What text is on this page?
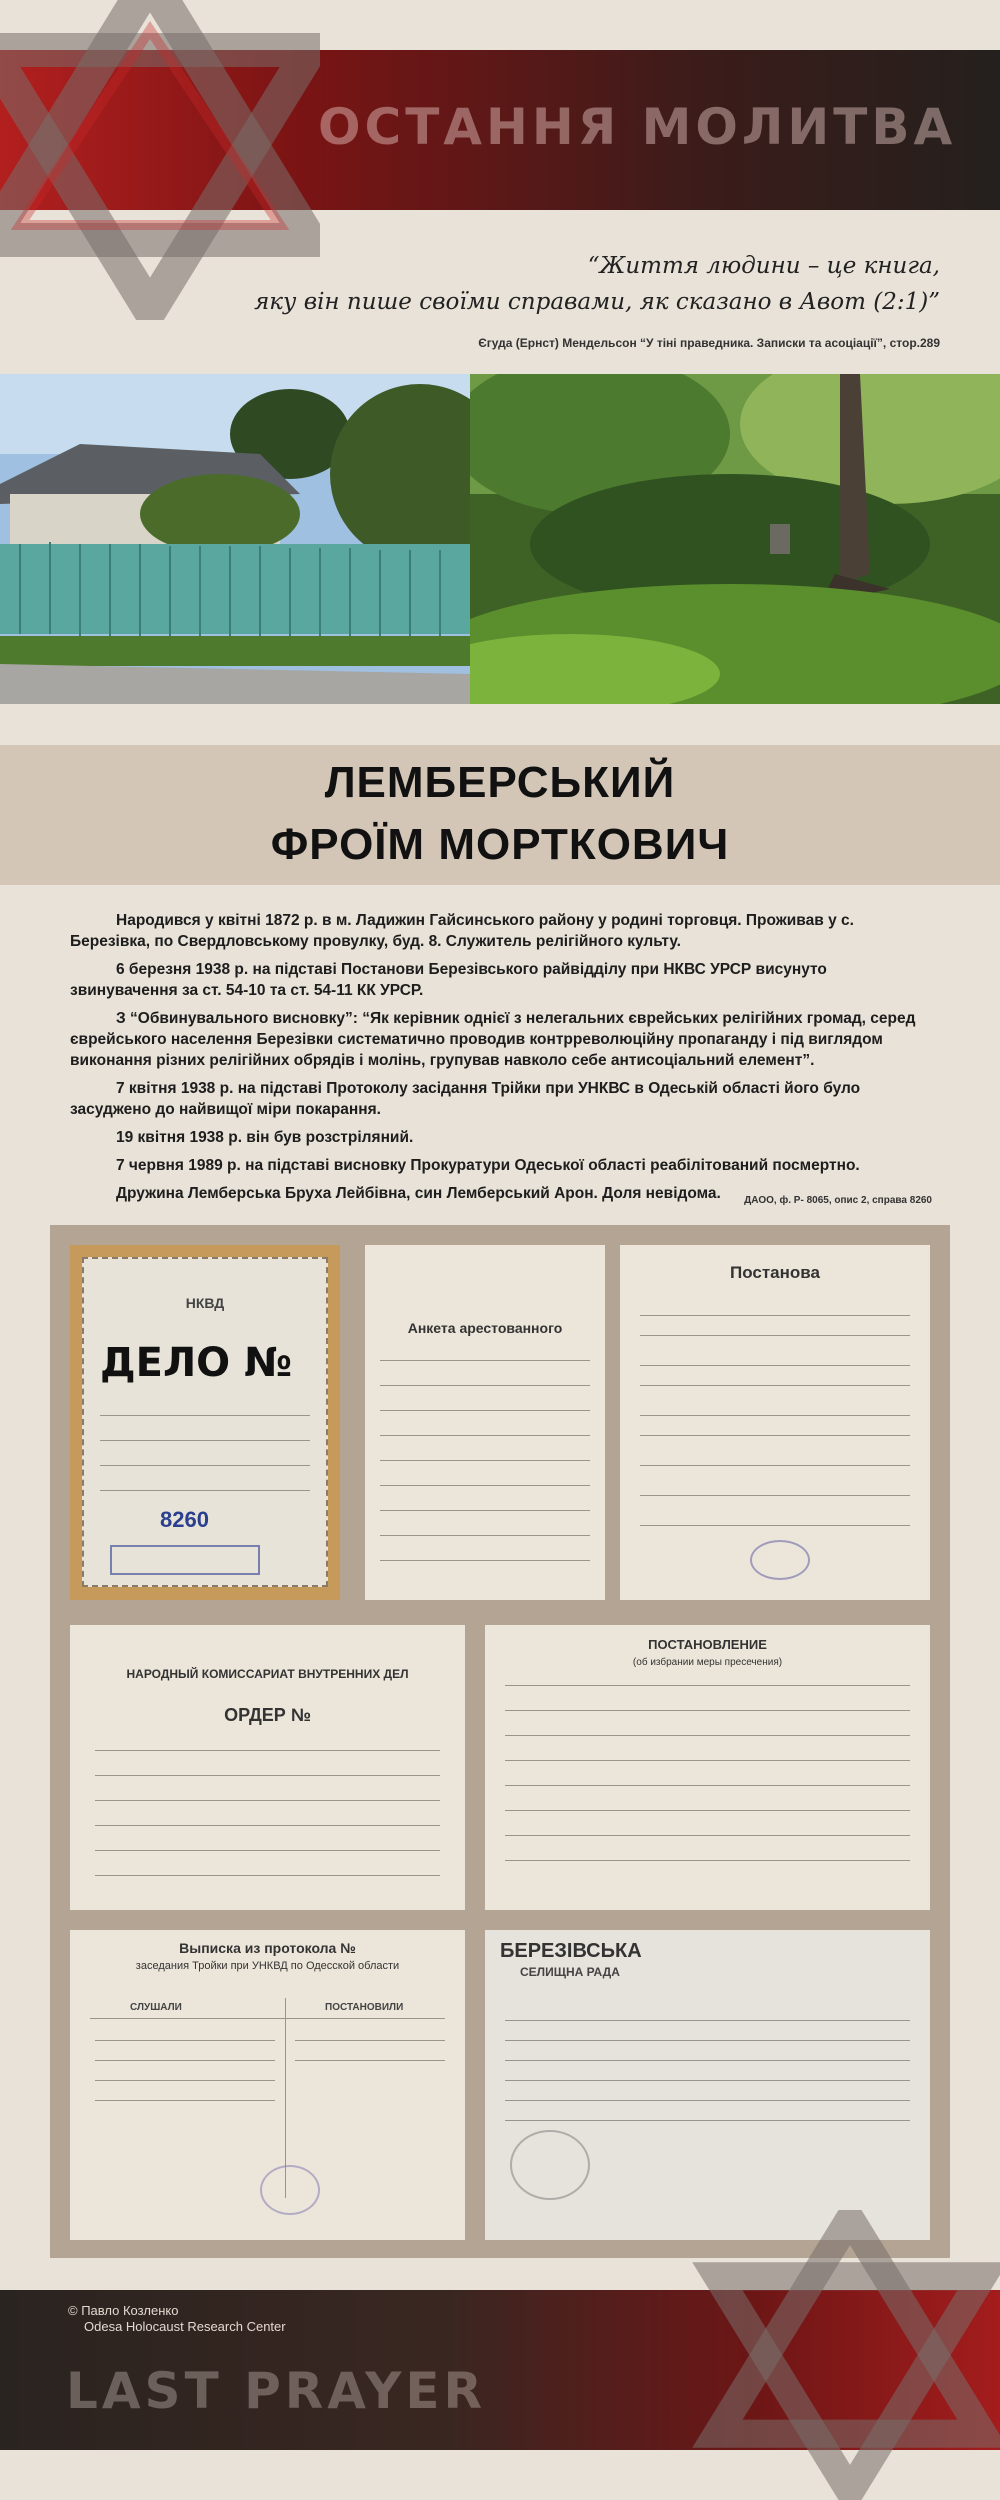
ОСТАННЯ МОЛИТВА
“Життя людини – це книга,
яку він пише своїми справами, як сказано в Авот (2:1)”
Єгуда (Ернст) Мендельсон “У тіні праведника. Записки та асоціації”, стор.289
ЛЕМБЕРСЬКИЙ
ФРОЇМ МОРТКОВИЧ

Народився у квітні 1872 р. в м. Ладижин Гайсинського району у родині торговця. Проживав у с. Березівка, по Свердловському провулку, буд. 8. Служитель релігійного культу.

6 березня 1938 р. на підставі Постанови Березівського райвідділу при НКВС УРСР висунуто звинувачення за ст. 54-10 та ст. 54-11 КК УРСР.

З “Обвинувального висновку”: “Як керівник однієї з нелегальних єврейських релігійних громад, серед єврейського населення Березівки систематично проводив контрреволюційну пропаганду і під виглядом виконання різних релігійних обрядів і молінь, групував навколо себе антисоціальний елемент”.

7 квітня 1938 р. на підставі Протоколу засідання Трійки при УНКВС в Одеській області його було засуджено до найвищої міри покарання.

19 квітня 1938 р. він був розстріляний.

7 червня 1989 р. на підставі висновку Прокуратури Одеської області реабілітований посмертно.

Дружина Лемберська Бруха Лейбівна, син Лемберський Арон. Доля невідома.	ДАОО, ф. Р- 8065, опис 2, справа 8260
НКВД
ДЕЛО №
8260
Анкета арестованного
Постанова
НАРОДНЫЙ КОМИССАРИАТ ВНУТРЕННИХ ДЕЛ
ОРДЕР №
ПОСТАНОВЛЕНИЕ
(об избрании меры пресечения)
Выписка из протокола №
заседания Тройки при УНКВД по Одесской области
СЛУШАЛИ	ПОСТАНОВИЛИ
БЕРЕЗІВСЬКА
СЕЛИЩНА РАДА
© Павло Козленко
Odesa Holocaust Research Center
LAST PRAYER
